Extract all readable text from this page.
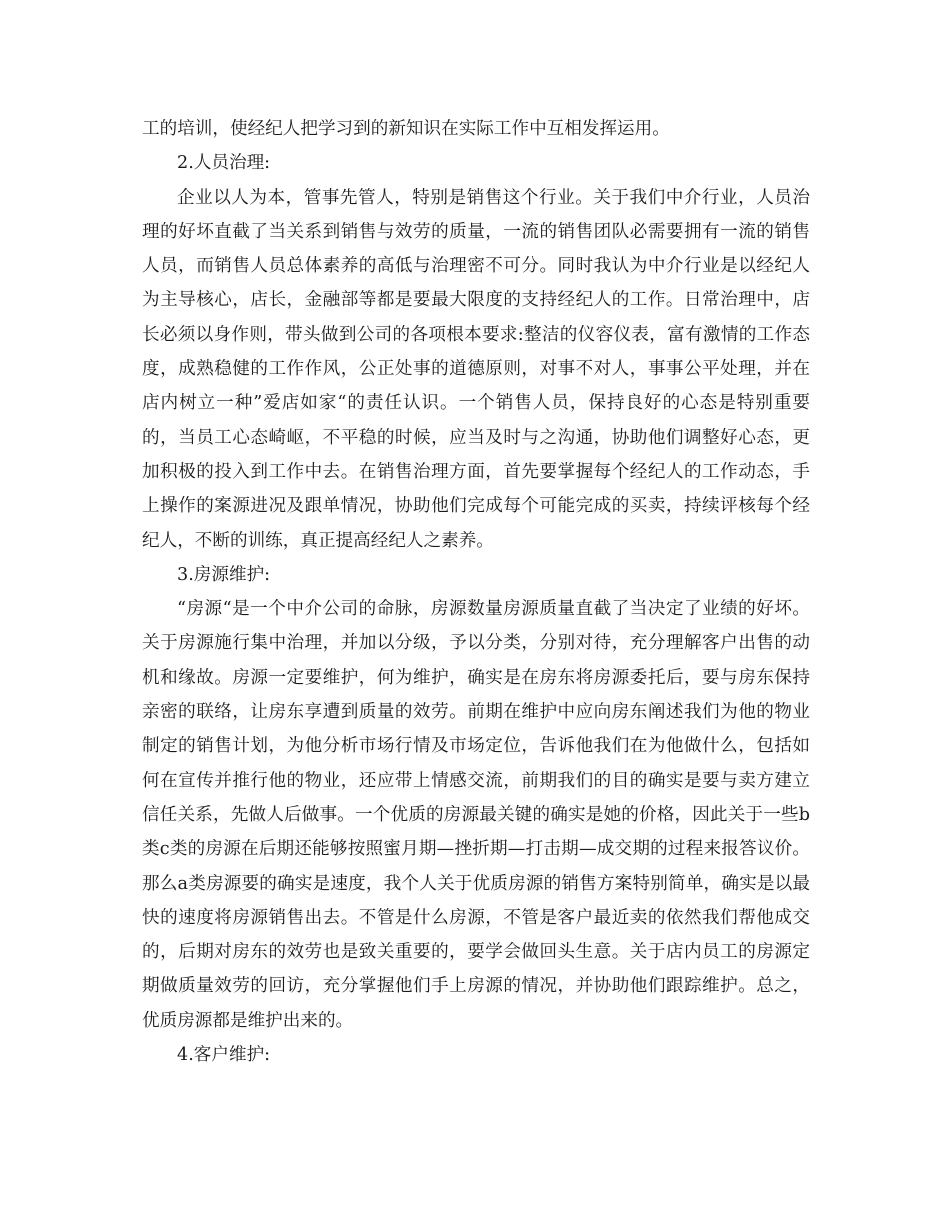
工的培训，使经纪人把学习到的新知识在实际工作中互相发挥运用。

2.人员治理:

企业以人为本，管事先管人，特别是销售这个行业。关于我们中介行业，人员治理的好坏直截了当关系到销售与效劳的质量，一流的销售团队必需要拥有一流的销售人员，而销售人员总体素养的高低与治理密不可分。同时我认为中介行业是以经纪人为主导核心，店长，金融部等都是要最大限度的支持经纪人的工作。日常治理中，店长必须以身作则，带头做到公司的各项根本要求:整洁的仪容仪表，富有激情的工作态度，成熟稳健的工作作风，公正处事的道德原则，对事不对人，事事公平处理，并在店内树立一种”爱店如家“的责任认识。一个销售人员，保持良好的心态是特别重要的，当员工心态崎岖，不平稳的时候，应当及时与之沟通，协助他们调整好心态，更加积极的投入到工作中去。在销售治理方面，首先要掌握每个经纪人的工作动态，手上操作的案源进况及跟单情况，协助他们完成每个可能完成的买卖，持续评核每个经纪人，不断的训练，真正提高经纪人之素养。

3.房源维护:

“房源“是一个中介公司的命脉，房源数量房源质量直截了当决定了业绩的好坏。关于房源施行集中治理，并加以分级，予以分类，分别对待，充分理解客户出售的动机和缘故。房源一定要维护，何为维护，确实是在房东将房源委托后，要与房东保持亲密的联络，让房东享遭到质量的效劳。前期在维护中应向房东阐述我们为他的物业制定的销售计划，为他分析市场行情及市场定位，告诉他我们在为他做什么，包括如何在宣传并推行他的物业，还应带上情感交流，前期我们的目的确实是要与卖方建立信任关系，先做人后做事。一个优质的房源最关键的确实是她的价格，因此关于一些b类c类的房源在后期还能够按照蜜月期—挫折期—打击期—成交期的过程来报答议价。那么a类房源要的确实是速度，我个人关于优质房源的销售方案特别简单，确实是以最快的速度将房源销售出去。不管是什么房源，不管是客户最近卖的依然我们帮他成交的，后期对房东的效劳也是致关重要的，要学会做回头生意。关于店内员工的房源定期做质量效劳的回访，充分掌握他们手上房源的情况，并协助他们跟踪维护。总之，优质房源都是维护出来的。

4.客户维护:
